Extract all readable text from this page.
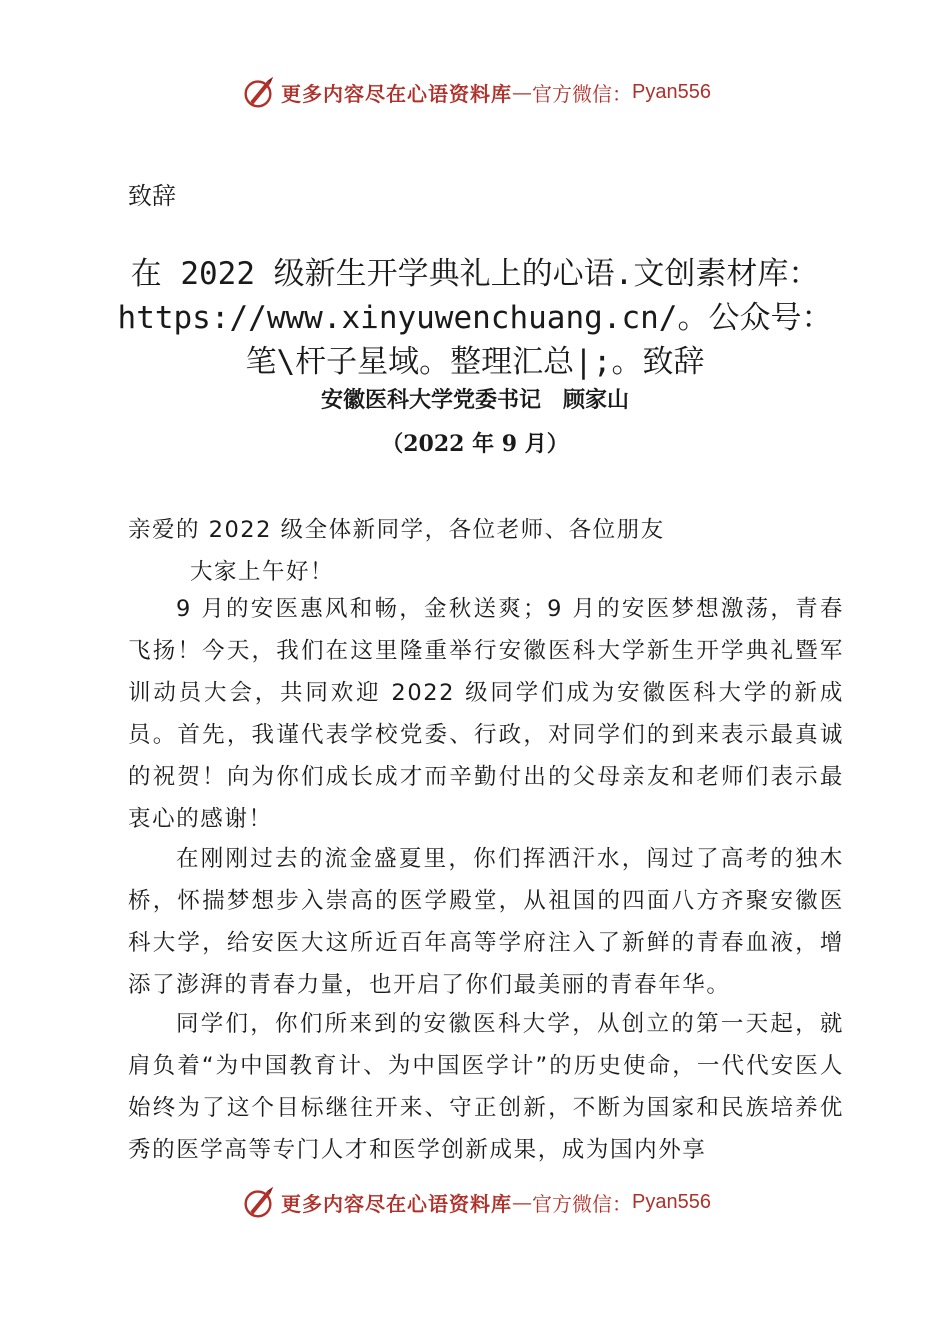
更多内容尽在心语资料库 — 官方微信： Pyan556
致辞
在 2022 级新生开学典礼上的心语.文创素材库：
https://www.xinyuwenchuang.cn/。公众号：
笔\杆子星域。整理汇总|;。致辞
安徽医科大学党委书记　顾家山
（2022 年 9 月）
亲爱的 2022 级全体新同学，各位老师、各位朋友
大家上午好！

9 月的安医惠风和畅，金秋送爽；9 月的安医梦想激荡，青春飞扬！今天，我们在这里隆重举行安徽医科大学新生开学典礼暨军训动员大会，共同欢迎 2022 级同学们成为安徽医科大学的新成员。首先，我谨代表学校党委、行政，对同学们的到来表示最真诚的祝贺！向为你们成长成才而辛勤付出的父母亲友和老师们表示最衷心的感谢！

在刚刚过去的流金盛夏里，你们挥洒汗水，闯过了高考的独木桥，怀揣梦想步入崇高的医学殿堂，从祖国的四面八方齐聚安徽医科大学，给安医大这所近百年高等学府注入了新鲜的青春血液，增添了澎湃的青春力量，也开启了你们最美丽的青春年华。

同学们，你们所来到的安徽医科大学，从创立的第一天起，就肩负着“为中国教育计、为中国医学计”的历史使命，一代代安医人始终为了这个目标继往开来、守正创新，不断为国家和民族培养优秀的医学高等专门人才和医学创新成果，成为国内外享

更多内容尽在心语资料库 — 官方微信： Pyan556
